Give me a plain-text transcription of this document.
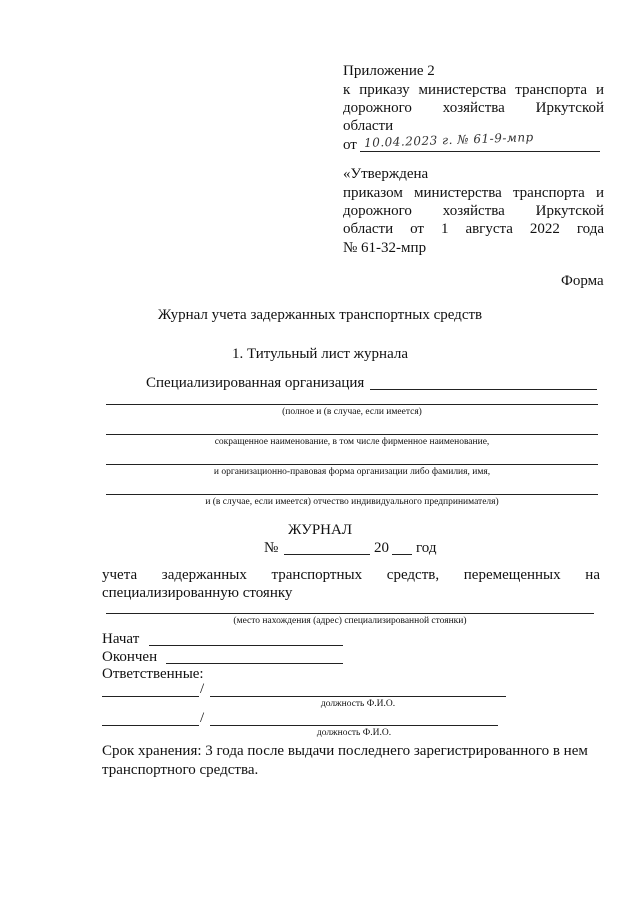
Приложение 2
к приказу министерства транспорта и
дорожного хозяйства Иркутской
области
от 10.04.2023 г. № 61-9-мпр
«Утверждена
приказом министерства транспорта и
дорожного хозяйства Иркутской
области от 1 августа 2022 года
№ 61-32-мпр
Форма
Журнал учета задержанных транспортных средств
1. Титульный лист журнала
Специализированная организация
(полное и (в случае, если имеется)
сокращенное наименование, в том числе фирменное наименование,
и организационно-правовая форма организации либо фамилия, имя,
и (в случае, если имеется) отчество индивидуального предпринимателя)
ЖУРНАЛ
№	20 год
учета задержанных транспортных средств, перемещенных на
специализированную стоянку
(место нахождения (адрес) специализированной стоянки)
Начат
Окончен
Ответственные:
/
должность Ф.И.О.
/
должность Ф.И.О.
Срок хранения: 3 года после выдачи последнего зарегистрированного в нем
транспортного средства.
